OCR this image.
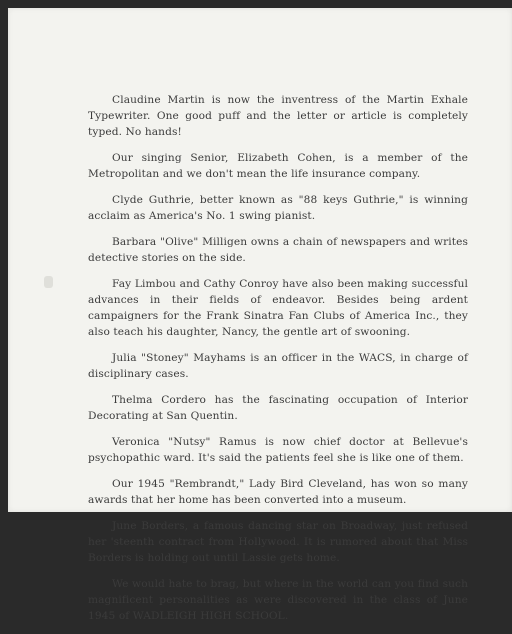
Claudine Martin is now the inventress of the Martin Exhale Typewriter. One good puff and the letter or article is completely typed. No hands!

Our singing Senior, Elizabeth Cohen, is a member of the Metropolitan and we don't mean the life insurance company.

Clyde Guthrie, better known as "88 keys Guthrie," is winning acclaim as America's No. 1 swing pianist.

Barbara "Olive" Milligen owns a chain of newspapers and writes detective stories on the side.

Fay Limbou and Cathy Conroy have also been making successful advances in their fields of endeavor. Besides being ardent campaigners for the Frank Sinatra Fan Clubs of America Inc., they also teach his daughter, Nancy, the gentle art of swooning.

Julia "Stoney" Mayhams is an officer in the WACS, in charge of disciplinary cases.

Thelma Cordero has the fascinating occupation of Interior Decorating at San Quentin.

Veronica "Nutsy" Ramus is now chief doctor at Bellevue's psychopathic ward. It's said the patients feel she is like one of them.

Our 1945 "Rembrandt," Lady Bird Cleveland, has won so many awards that her home has been converted into a museum.

June Borders, a famous dancing star on Broadway, just refused her 'steenth contract from Hollywood. It is rumored about that Miss Borders is holding out until Lassie gets home.

We would hate to brag, but where in the world can you find such magnificent personalities as were discovered in the class of June 1945 of WADLEIGH HIGH SCHOOL.
